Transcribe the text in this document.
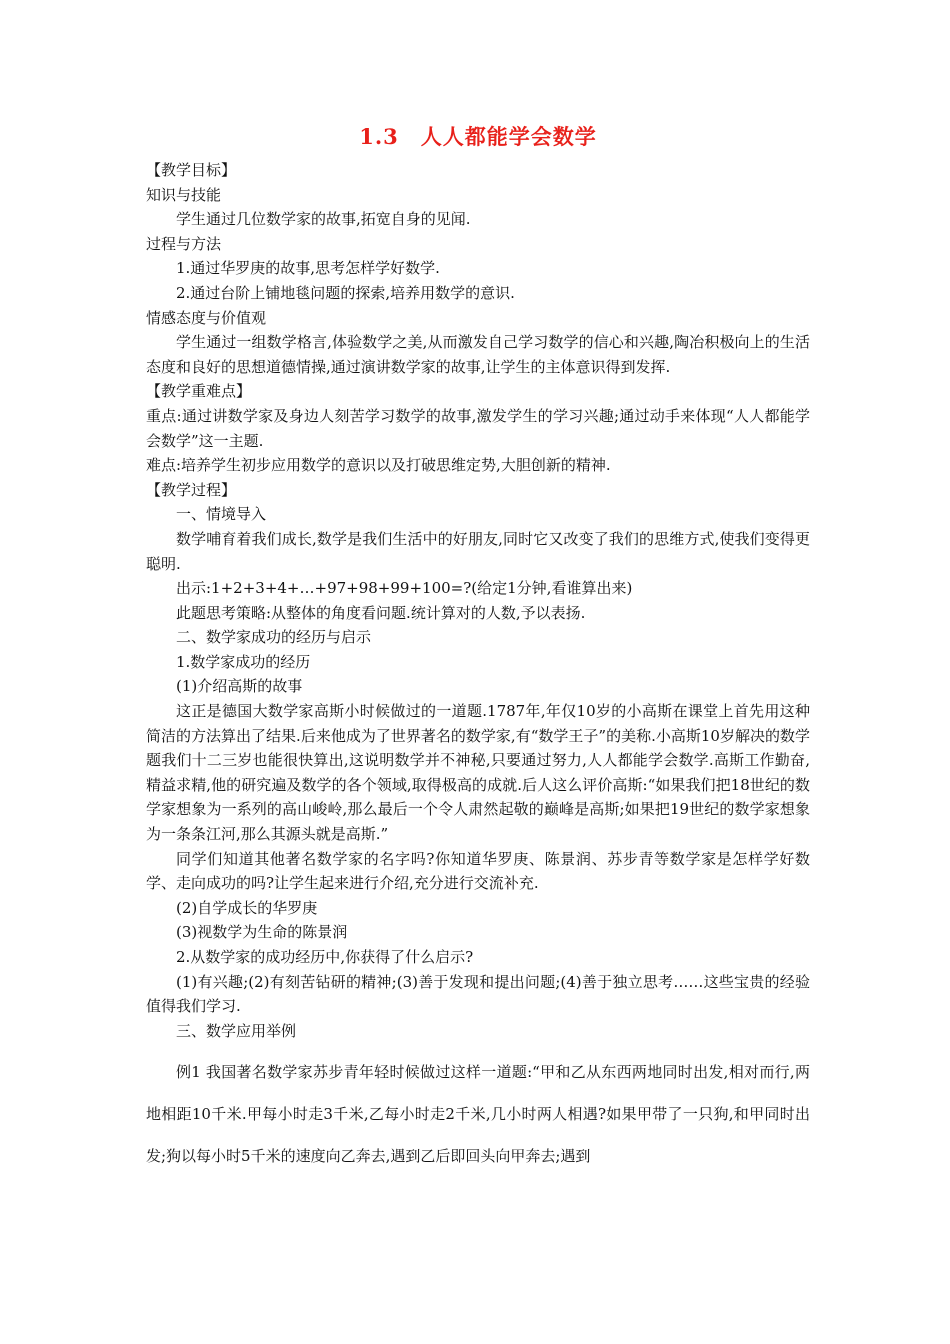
1.3　人人都能学会数学

【教学目标】

知识与技能

学生通过几位数学家的故事,拓宽自身的见闻.

过程与方法

1.通过华罗庚的故事,思考怎样学好数学.

2.通过台阶上铺地毯问题的探索,培养用数学的意识.

情感态度与价值观

学生通过一组数学格言,体验数学之美,从而激发自己学习数学的信心和兴趣,陶冶积极向上的生活态度和良好的思想道德情操,通过演讲数学家的故事,让学生的主体意识得到发挥.

【教学重难点】

重点:通过讲数学家及身边人刻苦学习数学的故事,激发学生的学习兴趣;通过动手来体现“人人都能学会数学”这一主题.

难点:培养学生初步应用数学的意识以及打破思维定势,大胆创新的精神.

【教学过程】

一、情境导入

数学哺育着我们成长,数学是我们生活中的好朋友,同时它又改变了我们的思维方式,使我们变得更聪明.

出示:1+2+3+4+…+97+98+99+100=?(给定1分钟,看谁算出来)

此题思考策略:从整体的角度看问题.统计算对的人数,予以表扬.

二、数学家成功的经历与启示

1.数学家成功的经历

(1)介绍高斯的故事

这正是德国大数学家高斯小时候做过的一道题.1787年,年仅10岁的小高斯在课堂上首先用这种简洁的方法算出了结果.后来他成为了世界著名的数学家,有“数学王子”的美称.小高斯10岁解决的数学题我们十二三岁也能很快算出,这说明数学并不神秘,只要通过努力,人人都能学会数学.高斯工作勤奋,精益求精,他的研究遍及数学的各个领域,取得极高的成就.后人这么评价高斯:“如果我们把18世纪的数学家想象为一系列的高山峻岭,那么最后一个令人肃然起敬的巅峰是高斯;如果把19世纪的数学家想象为一条条江河,那么其源头就是高斯.”

同学们知道其他著名数学家的名字吗?你知道华罗庚、陈景润、苏步青等数学家是怎样学好数学、走向成功的吗?让学生起来进行介绍,充分进行交流补充.

(2)自学成长的华罗庚

(3)视数学为生命的陈景润

2.从数学家的成功经历中,你获得了什么启示?

(1)有兴趣;(2)有刻苦钻研的精神;(3)善于发现和提出问题;(4)善于独立思考……这些宝贵的经验值得我们学习.

三、数学应用举例

例1 我国著名数学家苏步青年轻时候做过这样一道题:“甲和乙从东西两地同时出发,相对而行,两地相距10千米.甲每小时走3千米,乙每小时走2千米,几小时两人相遇?如果甲带了一只狗,和甲同时出发;狗以每小时5千米的速度向乙奔去,遇到乙后即回头向甲奔去;遇到
